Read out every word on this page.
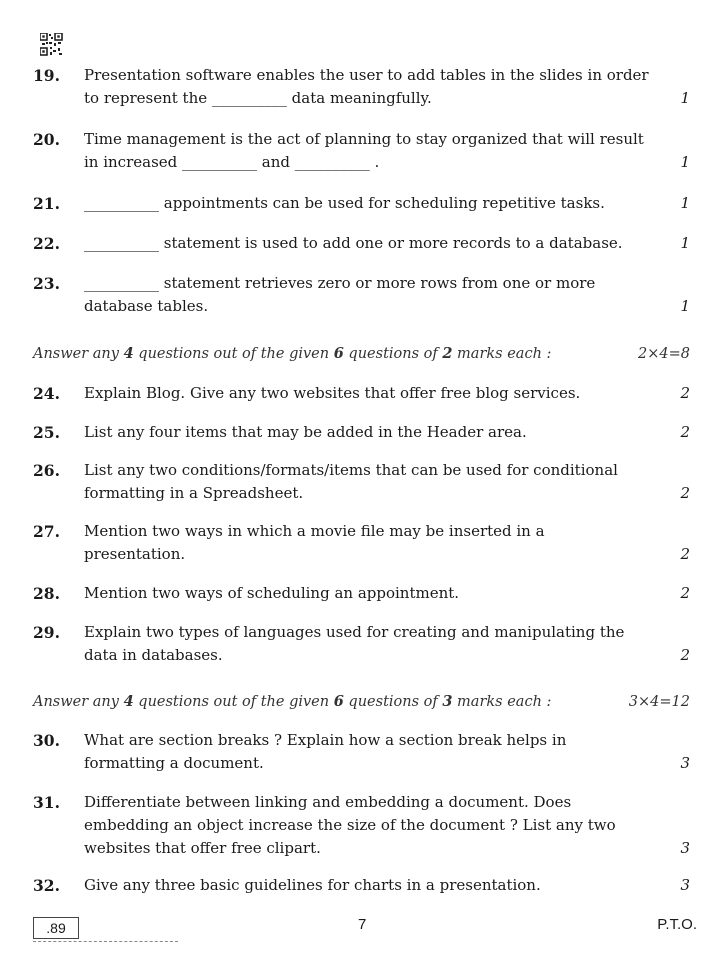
19. Presentation software enables the user to add tables in the slides in order
to represent the __________ data meaningfully.	1
20. Time management is the act of planning to stay organized that will result
in increased __________ and __________ .	1
21. __________ appointments can be used for scheduling repetitive tasks.	1
22. __________ statement is used to add one or more records to a database.	1
23. __________ statement retrieves zero or more rows from one or more
database tables.	1
Answer any 4 questions out of the given 6 questions of 2 marks each :	2×4=8
24. Explain Blog. Give any two websites that offer free blog services.	2
25. List any four items that may be added in the Header area.	2
26. List any two conditions/formats/items that can be used for conditional
formatting in a Spreadsheet.	2
27. Mention two ways in which a movie file may be inserted in a
presentation.	2
28. Mention two ways of scheduling an appointment.	2
29. Explain two types of languages used for creating and manipulating the
data in databases.	2
Answer any 4 questions out of the given 6 questions of 3 marks each :	3×4=12
30. What are section breaks ? Explain how a section break helps in
formatting a document.	3
31. Differentiate between linking and embedding a document. Does
embedding an object increase the size of the document ? List any two
websites that offer free clipart.	3
32. Give any three basic guidelines for charts in a presentation.	3
.89	7	P.T.O.
